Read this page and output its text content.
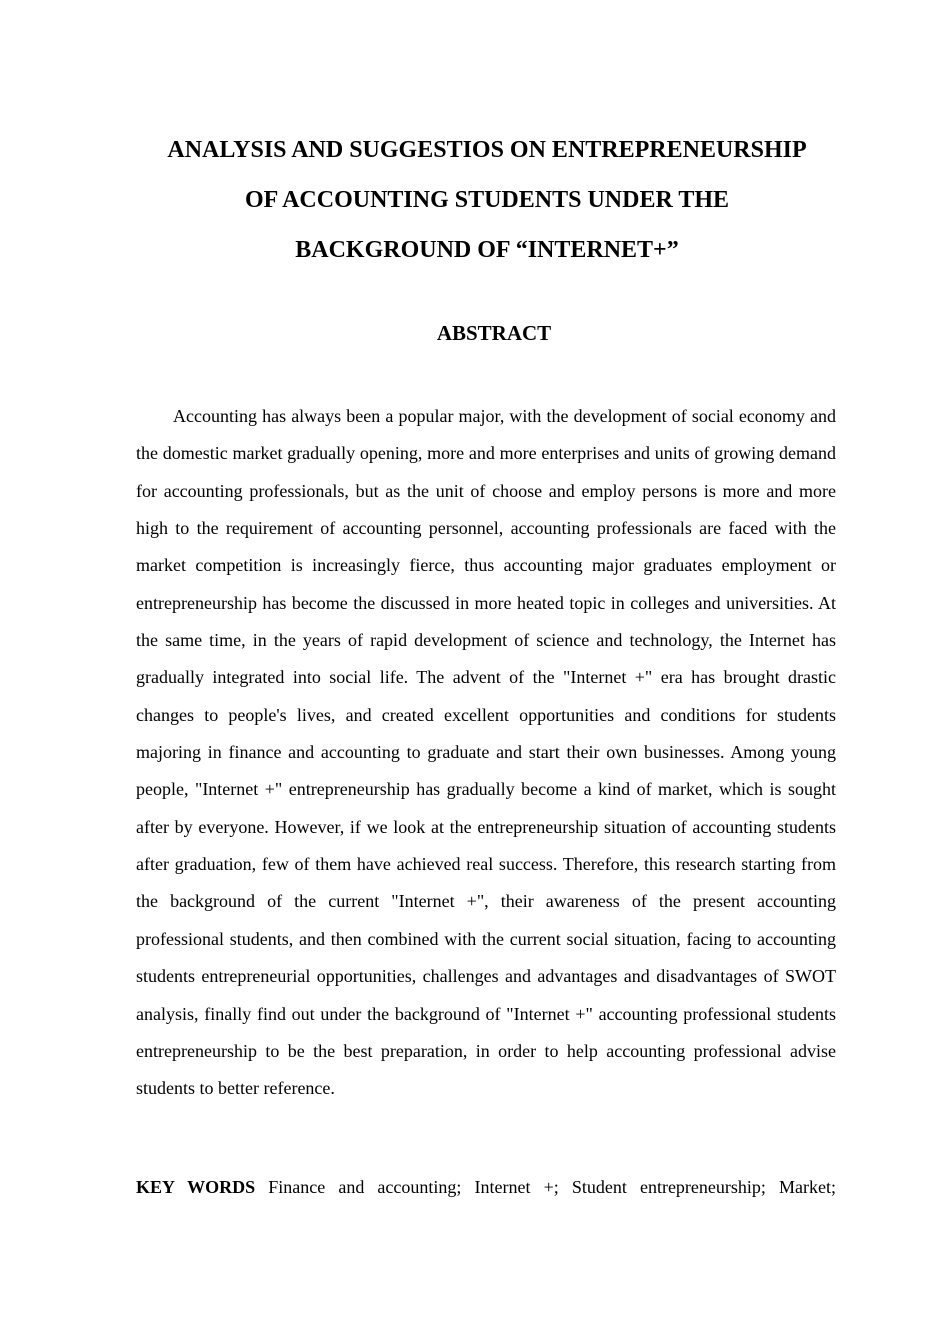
ANALYSIS AND SUGGESTIOS ON ENTREPRENEURSHIP
OF ACCOUNTING STUDENTS UNDER THE
BACKGROUND OF “INTERNET+”
ABSTRACT

Accounting has always been a popular major, with the development of social economy and the domestic market gradually opening, more and more enterprises and units of growing demand for accounting professionals, but as the unit of choose and employ persons is more and more high to the requirement of accounting personnel, accounting professionals are faced with the market competition is increasingly fierce, thus accounting major graduates employment or entrepreneurship has become the discussed in more heated topic in colleges and universities. At the same time, in the years of rapid development of science and technology, the Internet has gradually integrated into social life. The advent of the "Internet +" era has brought drastic changes to people's lives, and created excellent opportunities and conditions for students majoring in finance and accounting to graduate and start their own businesses. Among young people, "Internet +" entrepreneurship has gradually become a kind of market, which is sought after by everyone. However, if we look at the entrepreneurship situation of accounting students after graduation, few of them have achieved real success. Therefore, this research starting from the background of the current "Internet +", their awareness of the present accounting professional students, and then combined with the current social situation, facing to accounting students entrepreneurial opportunities, challenges and advantages and disadvantages of SWOT analysis, finally find out under the background of "Internet +" accounting professional students entrepreneurship to be the best preparation, in order to help accounting professional advise students to better reference.

KEY WORDS Finance and accounting; Internet +; Student entrepreneurship; Market;
